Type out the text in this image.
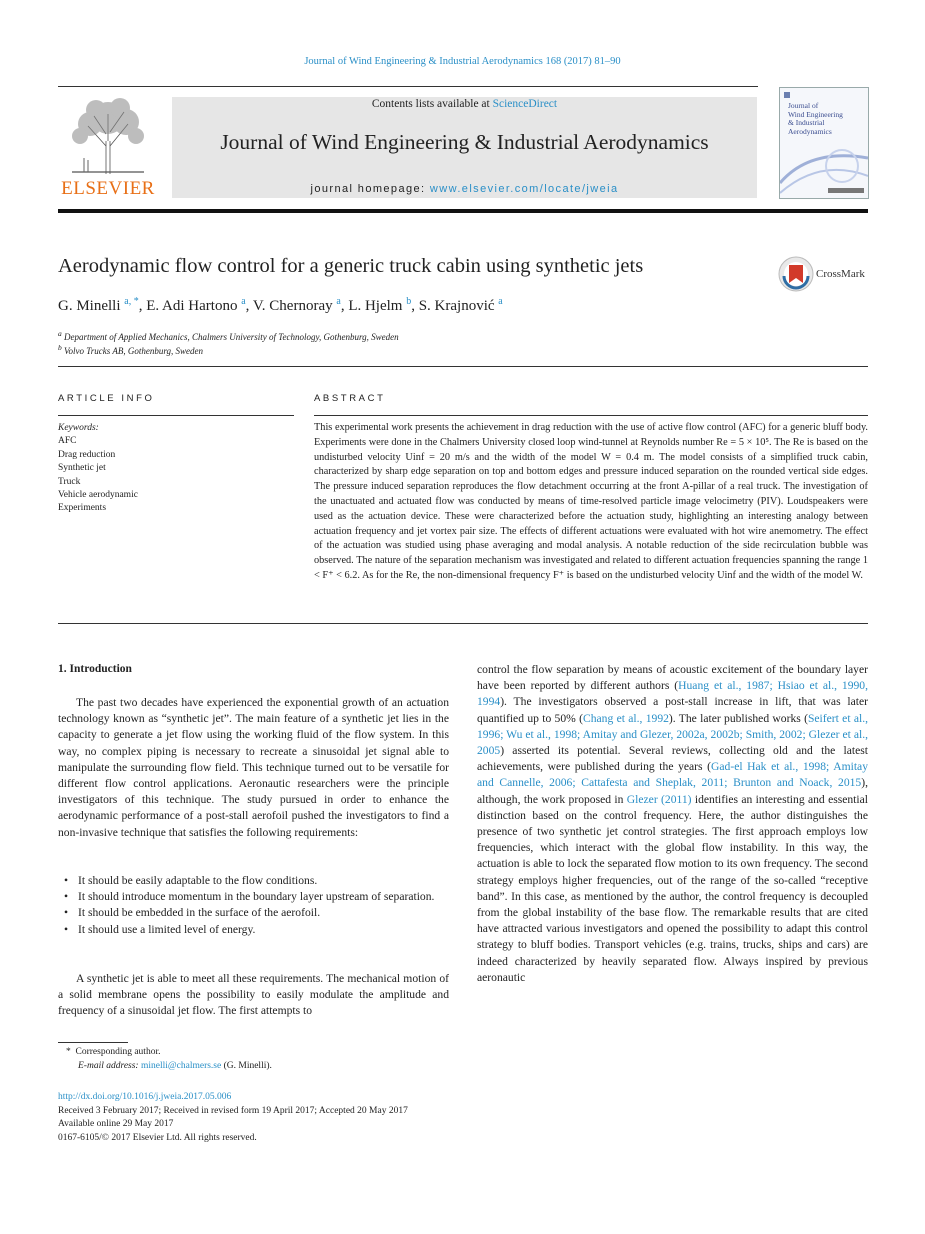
Journal of Wind Engineering & Industrial Aerodynamics 168 (2017) 81–90
ELSEVIER
Contents lists available at ScienceDirect
Journal of Wind Engineering & Industrial Aerodynamics
journal homepage: www.elsevier.com/locate/jweia
Journal of
Wind Engineering
& Industrial
Aerodynamics
Aerodynamic flow control for a generic truck cabin using synthetic jets	CrossMark
G. Minelli $^{a, *}$, E. Adi Hartono $^a$, V. Chernoray $^a$, L. Hjelm $^b$, S. Krajnović $^a$
$^a$ Department of Applied Mechanics, Chalmers University of Technology, Gothenburg, Sweden
$^b$ Volvo Trucks AB, Gothenburg, Sweden
ARTICLE INFO
Keywords:
AFC
Drag reduction
Synthetic jet
Truck
Vehicle aerodynamic
Experiments
ABSTRACT
This experimental work presents the achievement in drag reduction with the use of active flow control (AFC) for a generic bluff body. Experiments were done in the Chalmers University closed loop wind-tunnel at Reynolds number Re = 5 × 10⁵. The Re is based on the undisturbed velocity Uinf = 20 m/s and the width of the model W = 0.4 m. The model consists of a simplified truck cabin, characterized by sharp edge separation on top and bottom edges and pressure induced separation on the rounded vertical side edges. The pressure induced separation reproduces the flow detachment occurring at the front A-pillar of a real truck. The investigation of the unactuated and actuated flow was conducted by means of time-resolved particle image velocimetry (PIV). Loudspeakers were used as the actuation device. These were characterized before the actuation study, highlighting an interesting analogy between actuation frequency and jet vortex pair size. The effects of different actuations were evaluated with hot wire anemometry. The effect of the actuation was studied using phase averaging and modal analysis. A notable reduction of the side recirculation bubble was observed. The nature of the separation mechanism was investigated and related to different actuation frequencies spanning the range 1 < F⁺ < 6.2. As for the Re, the non-dimensional frequency F⁺ is based on the undisturbed velocity Uinf and the width of the model W.
1. Introduction

The past two decades have experienced the exponential growth of an actuation technology known as “synthetic jet”. The main feature of a synthetic jet lies in the capacity to generate a jet flow using the working fluid of the flow system. In this way, no complex piping is necessary to recreate a sinusoidal jet signal able to manipulate the surrounding flow field. This technique turned out to be versatile for different flow control applications. Aeronautic researchers were the principle investigators of this technique. The study pursued in order to enhance the aerodynamic performance of a post-stall aerofoil pushed the investigators to find a non-invasive technique that satisfies the following requirements:

• It should be easily adaptable to the flow conditions.
• It should introduce momentum in the boundary layer upstream of separation.
• It should be embedded in the surface of the aerofoil.
• It should use a limited level of energy.
A synthetic jet is able to meet all these requirements. The mechanical motion of a solid membrane opens the possibility to easily modulate the amplitude and frequency of a sinusoidal jet flow. The first attempts to
control the flow separation by means of acoustic excitement of the boundary layer have been reported by different authors (Huang et al., 1987; Hsiao et al., 1990, 1994). The investigators observed a post-stall increase in lift, that was later quantified up to 50% (Chang et al., 1992). The later published works (Seifert et al., 1996; Wu et al., 1998; Amitay and Glezer, 2002a, 2002b; Smith, 2002; Glezer et al., 2005) asserted its potential. Several reviews, collecting old and the latest achievements, were published during the years (Gad-el Hak et al., 1998; Amitay and Cannelle, 2006; Cattafesta and Sheplak, 2011; Brunton and Noack, 2015), although, the work proposed in Glezer (2011) identifies an interesting and essential distinction based on the control frequency. Here, the author distinguishes the presence of two synthetic jet control strategies. The first approach employs low frequencies, which interact with the global flow instability. In this way, the actuation is able to lock the separated flow motion to its own frequency. The second strategy employs higher frequencies, out of the range of the so-called “receptive band”. In this case, as mentioned by the author, the control frequency is decoupled from the global instability of the base flow. The remarkable results that are cited have attracted various investigators and opened the possibility to adapt this control strategy to bluff bodies. Transport vehicles (e.g. trains, trucks, ships and cars) are indeed characterized by heavily separated flow. Always inspired by previous aeronautic
* Corresponding author.
E-mail address: minelli@chalmers.se (G. Minelli).
http://dx.doi.org/10.1016/j.jweia.2017.05.006
Received 3 February 2017; Received in revised form 19 April 2017; Accepted 20 May 2017
Available online 29 May 2017
0167-6105/© 2017 Elsevier Ltd. All rights reserved.
